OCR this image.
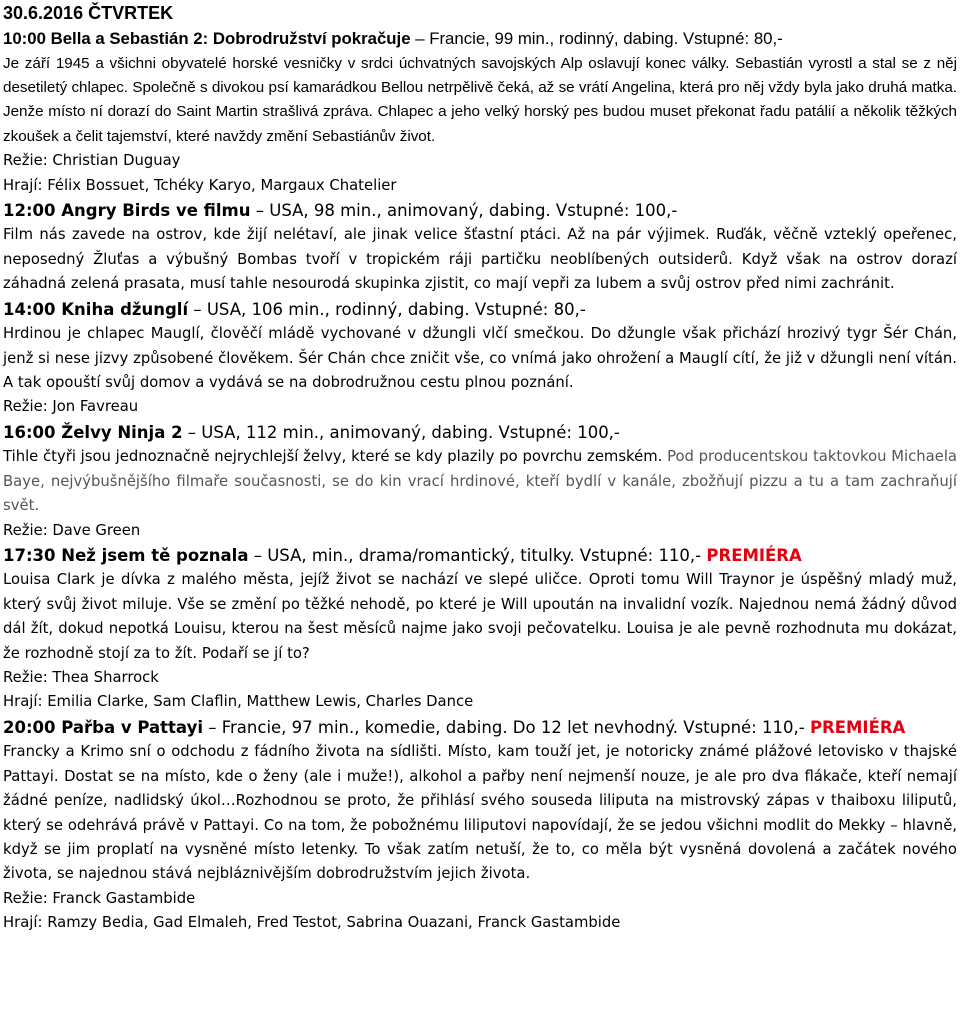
30.6.2016 ČTVRTEK
10:00 Bella a Sebastián 2: Dobrodružství pokračuje – Francie, 99 min., rodinný, dabing. Vstupné: 80,-
Je září 1945 a všichni obyvatelé horské vesničky v srdci úchvatných savojských Alp oslavují konec války. Sebastián vyrostl a stal se z něj desetiletý chlapec. Společně s divokou psí kamarádkou Bellou netrpělivě čeká, až se vrátí Angelina, která pro něj vždy byla jako druhá matka. Jenže místo ní dorazí do Saint Martin strašlivá zpráva. Chlapec a jeho velký horský pes budou muset překonat řadu patálií a několik těžkých zkoušek a čelit tajemství, které navždy změní Sebastiánův život.
Režie: Christian Duguay
Hrají: Félix Bossuet, Tchéky Karyo, Margaux Chatelier
12:00 Angry Birds ve filmu – USA, 98 min., animovaný, dabing. Vstupné: 100,-
Film nás zavede na ostrov, kde žijí nelétaví, ale jinak velice šťastní ptáci. Až na pár výjimek. Ruďák, věčně vzteklý opeřenec, neposedný Žluťas a výbušný Bombas tvoří v tropickém ráji partičku neoblíbených outsiderů. Když však na ostrov dorazí záhadná zelená prasata, musí tahle nesourodá skupinka zjistit, co mají vepři za lubem a svůj ostrov před nimi zachránit.
14:00 Kniha džunglí – USA, 106 min., rodinný, dabing. Vstupné: 80,-
Hrdinou je chlapec Mauglí, člověčí mládě vychované v džungli vlčí smečkou. Do džungle však přichází hrozivý tygr Šér Chán, jenž si nese jizvy způsobené člověkem. Šér Chán chce zničit vše, co vnímá jako ohrožení a Mauglí cítí, že již v džungli není vítán. A tak opouští svůj domov a vydává se na dobrodružnou cestu plnou poznání.
Režie: Jon Favreau
16:00 Želvy Ninja 2 – USA, 112 min., animovaný, dabing. Vstupné: 100,-
Tihle čtyři jsou jednoznačně nejrychlejší želvy, které se kdy plazily po povrchu zemském. Pod producentskou taktovkou Michaela Baye, nejvýbušnějšího filmaře současnosti, se do kin vrací hrdinové, kteří bydlí v kanále, zbožňují pizzu a tu a tam zachraňují svět.
Režie: Dave Green
17:30 Než jsem tě poznala – USA, min., drama/romantický, titulky. Vstupné: 110,- PREMIÉRA
Louisa Clark je dívka z malého města, jejíž život se nachází ve slepé uličce. Oproti tomu Will Traynor je úspěšný mladý muž, který svůj život miluje. Vše se změní po těžké nehodě, po které je Will upoután na invalidní vozík. Najednou nemá žádný důvod dál žít, dokud nepotká Louisu, kterou na šest měsíců najme jako svoji pečovatelku. Louisa je ale pevně rozhodnuta mu dokázat, že rozhodně stojí za to žít. Podaří se jí to?
Režie: Thea Sharrock
Hrají: Emilia Clarke, Sam Claflin, Matthew Lewis, Charles Dance
20:00 Pařba v Pattayi – Francie, 97 min., komedie, dabing. Do 12 let nevhodný. Vstupné: 110,- PREMIÉRA
Francky a Krimo sní o odchodu z fádního života na sídlišti. Místo, kam touží jet, je notoricky známé plážové letovisko v thajské Pattayi. Dostat se na místo, kde o ženy (ale i muže!), alkohol a pařby není nejmenší nouze, je ale pro dva flákače, kteří nemají žádné peníze, nadlidský úkol…Rozhodnou se proto, že přihlásí svého souseda liliputa na mistrovský zápas v thaiboxu liliputů, který se odehrává právě v Pattayi. Co na tom, že pobožnému liliputovi napovídají, že se jedou všichni modlit do Mekky – hlavně, když se jim proplatí na vysněné místo letenky. To však zatím netuší, že to, co měla být vysněná dovolená a začátek nového života, se najednou stává nejbláznivějším dobrodružstvím jejich života.
Režie: Franck Gastambide
Hrají: Ramzy Bedia, Gad Elmaleh, Fred Testot, Sabrina Ouazani, Franck Gastambide
